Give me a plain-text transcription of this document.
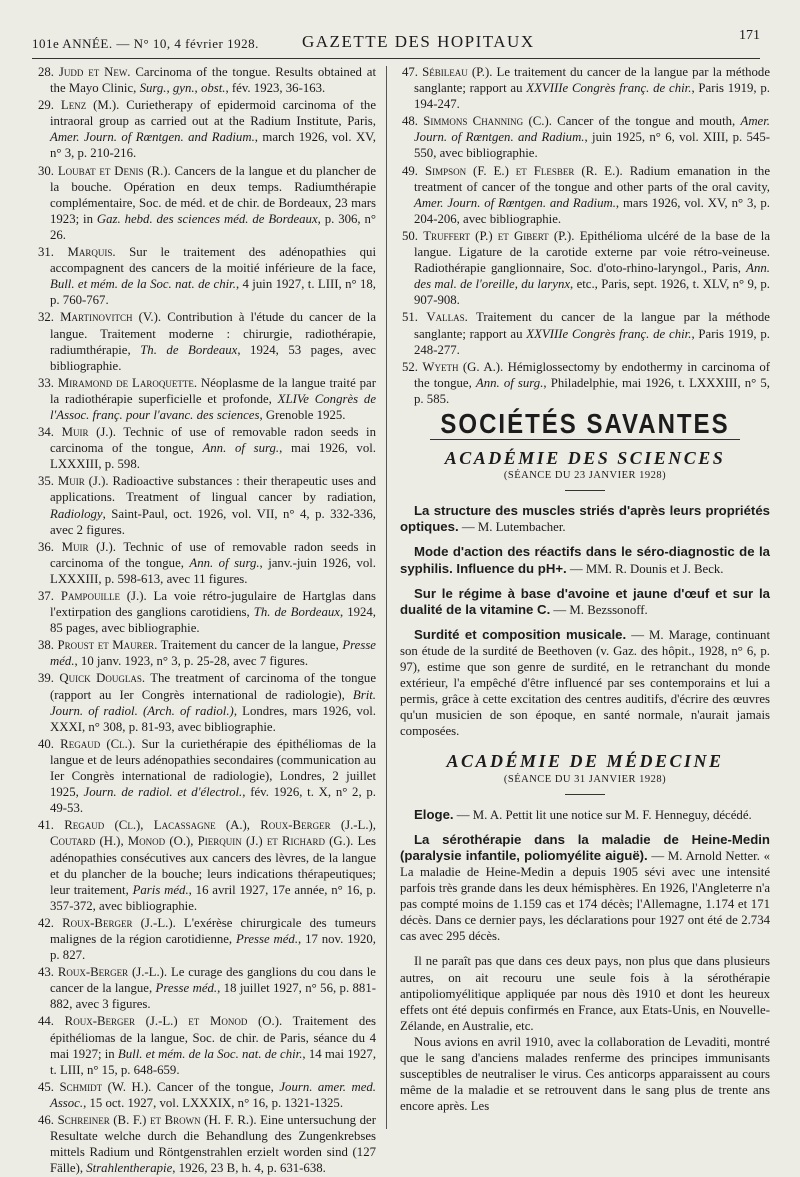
101e ANNÉE. — N° 10, 4 février 1928.	GAZETTE DES HOPITAUX	171

28. Judd et New. Carcinoma of the tongue. Results obtained at the Mayo Clinic, Surg., gyn., obst., fév. 1923, 36-163.

29. Lenz (M.). Curietherapy of epidermoid carcinoma of the intraoral group as carried out at the Radium Institute, Paris, Amer. Journ. of Rœntgen. and Radium., march 1926, vol. XV, n° 3, p. 210-216.

30. Loubat et Denis (R.). Cancers de la langue et du plancher de la bouche. Opération en deux temps. Radiumthérapie complémentaire, Soc. de méd. et de chir. de Bordeaux, 23 mars 1923; in Gaz. hebd. des sciences méd. de Bordeaux, p. 306, n° 26.

31. Marquis. Sur le traitement des adénopathies qui accompagnent des cancers de la moitié inférieure de la face, Bull. et mém. de la Soc. nat. de chir., 4 juin 1927, t. LIII, n° 18, p. 760-767.

32. Martinovitch (V.). Contribution à l'étude du cancer de la langue. Traitement moderne : chirurgie, radiothérapie, radiumthérapie, Th. de Bordeaux, 1924, 53 pages, avec bibliographie.

33. Miramond de Laroquette. Néoplasme de la langue traité par la radiothérapie superficielle et profonde, XLIVe Congrès de l'Assoc. franç. pour l'avanc. des sciences, Grenoble 1925.

34. Muir (J.). Technic of use of removable radon seeds in carcinoma of the tongue, Ann. of surg., mai 1926, vol. LXXXIII, p. 598.

35. Muir (J.). Radioactive substances : their therapeutic uses and applications. Treatment of lingual cancer by radiation, Radiology, Saint-Paul, oct. 1926, vol. VII, n° 4, p. 332-336, avec 2 figures.

36. Muir (J.). Technic of use of removable radon seeds in carcinoma of the tongue, Ann. of surg., janv.-juin 1926, vol. LXXXIII, p. 598-613, avec 11 figures.

37. Pampouille (J.). La voie rétro-jugulaire de Hartglas dans l'extirpation des ganglions carotidiens, Th. de Bordeaux, 1924, 85 pages, avec bibliographie.

38. Proust et Maurer. Traitement du cancer de la langue, Presse méd., 10 janv. 1923, n° 3, p. 25-28, avec 7 figures.

39. Quick Douglas. The treatment of carcinoma of the tongue (rapport au Ier Congrès international de radiologie), Brit. Journ. of radiol. (Arch. of radiol.), Londres, mars 1926, vol. XXXI, n° 308, p. 81-93, avec bibliographie.

40. Regaud (Cl.). Sur la curiethérapie des épithéliomas de la langue et de leurs adénopathies secondaires (communication au Ier Congrès international de radiologie), Londres, 2 juillet 1925, Journ. de radiol. et d'électrol., fév. 1926, t. X, n° 2, p. 49-53.

41. Regaud (Cl.), Lacassagne (A.), Roux-Berger (J.-L.), Coutard (H.), Monod (O.), Pierquin (J.) et Richard (G.). Les adénopathies consécutives aux cancers des lèvres, de la langue et du plancher de la bouche; leurs indications thérapeutiques; leur traitement, Paris méd., 16 avril 1927, 17e année, n° 16, p. 357-372, avec bibliographie.

42. Roux-Berger (J.-L.). L'exérèse chirurgicale des tumeurs malignes de la région carotidienne, Presse méd., 17 nov. 1920, p. 827.

43. Roux-Berger (J.-L.). Le curage des ganglions du cou dans le cancer de la langue, Presse méd., 18 juillet 1927, n° 56, p. 881-882, avec 3 figures.

44. Roux-Berger (J.-L.) et Monod (O.). Traitement des épithéliomas de la langue, Soc. de chir. de Paris, séance du 4 mai 1927; in Bull. et mém. de la Soc. nat. de chir., 14 mai 1927, t. LIII, n° 15, p. 648-659.

45. Schmidt (W. H.). Cancer of the tongue, Journ. amer. med. Assoc., 15 oct. 1927, vol. LXXXIX, n° 16, p. 1321-1325.

46. Schreiner (B. F.) et Brown (H. F. R.). Eine untersuchung der Resultate welche durch die Behandlung des Zungenkrebses mittels Radium und Röntgenstrahlen erzielt worden sind (127 Fälle), Strahlentherapie, 1926, 23 B, h. 4, p. 631-638.

47. Sébileau (P.). Le traitement du cancer de la langue par la méthode sanglante; rapport au XXVIIIe Congrès franç. de chir., Paris 1919, p. 194-247.

48. Simmons Channing (C.). Cancer of the tongue and mouth, Amer. Journ. of Rœntgen. and Radium., juin 1925, n° 6, vol. XIII, p. 545-550, avec bibliographie.

49. Simpson (F. E.) et Flesber (R. E.). Radium emanation in the treatment of cancer of the tongue and other parts of the oral cavity, Amer. Journ. of Rœntgen. and Radium., mars 1926, vol. XV, n° 3, p. 204-206, avec bibliographie.

50. Truffert (P.) et Gibert (P.). Epithélioma ulcéré de la base de la langue. Ligature de la carotide externe par voie rétro-veineuse. Radiothérapie ganglionnaire, Soc. d'oto-rhino-laryngol., Paris, Ann. des mal. de l'oreille, du larynx, etc., Paris, sept. 1926, t. XLV, n° 9, p. 907-908.

51. Vallas. Traitement du cancer de la langue par la méthode sanglante; rapport au XXVIIIe Congrès franç. de chir., Paris 1919, p. 248-277.

52. Wyeth (G. A.). Hémiglossectomy by endothermy in carcinoma of the tongue, Ann. of surg., Philadelphie, mai 1926, t. LXXXIII, n° 5, p. 585.

SOCIÉTÉS SAVANTES
ACADÉMIE DES SCIENCES
(SÉANCE DU 23 JANVIER 1928)

La structure des muscles striés d'après leurs propriétés optiques. — M. Lutembacher.

Mode d'action des réactifs dans le séro-diagnostic de la syphilis. Influence du pH+. — MM. R. Dounis et J. Beck.

Sur le régime à base d'avoine et jaune d'œuf et sur la dualité de la vitamine C. — M. Bezssonoff.

Surdité et composition musicale. — M. Marage, continuant son étude de la surdité de Beethoven (v. Gaz. des hôpit., 1928, n° 6, p. 97), estime que son genre de surdité, en le retranchant du monde extérieur, l'a empêché d'être influencé par ses contemporains et lui a permis, grâce à cette excitation des centres auditifs, d'écrire des œuvres qu'un musicien de son époque, en santé normale, n'aurait jamais composées.

ACADÉMIE DE MÉDECINE
(SÉANCE DU 31 JANVIER 1928)

Eloge. — M. A. Pettit lit une notice sur M. F. Henneguy, décédé.

La sérothérapie dans la maladie de Heine-Medin (paralysie infantile, poliomyélite aiguë). — M. Arnold Netter. « La maladie de Heine-Medin a depuis 1905 sévi avec une intensité parfois très grande dans les deux hémisphères. En 1926, l'Angleterre n'a pas compté moins de 1.159 cas et 174 décès; l'Allemagne, 1.174 et 171 décès. Dans ce dernier pays, les déclarations pour 1927 ont été de 2.734 cas avec 295 décès.

Il ne paraît pas que dans ces deux pays, non plus que dans plusieurs autres, on ait recouru une seule fois à la sérothérapie antipoliomyélitique appliquée par nous dès 1910 et dont les heureux effets ont été depuis confirmés en France, aux Etats-Unis, en Nouvelle-Zélande, en Australie, etc.

Nous avions en avril 1910, avec la collaboration de Levaditi, montré que le sang d'anciens malades renferme des principes immunisants susceptibles de neutraliser le virus. Ces anticorps apparaissent au cours même de la maladie et se retrouvent dans le sang plus de trente ans encore après. Les
